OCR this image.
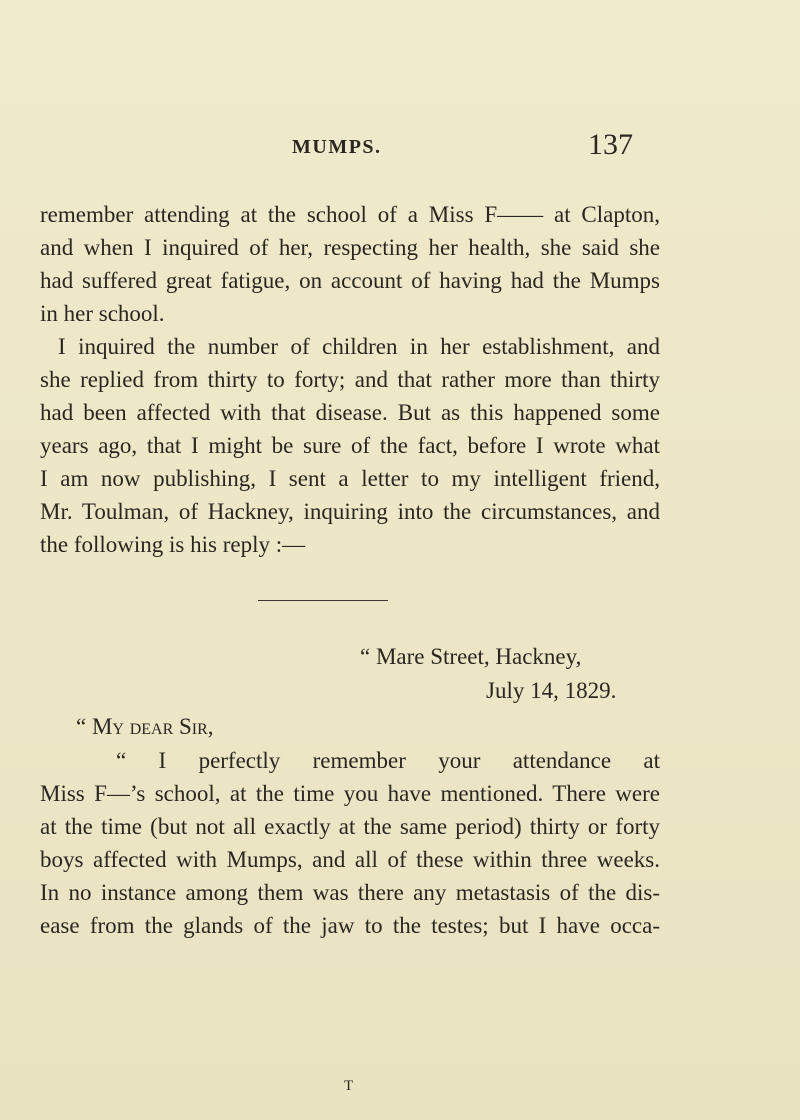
MUMPS.	137
remember attending at the school of a Miss F—— at Clapton,
and when I inquired of her, respecting her health, she said she
had suffered great fatigue, on account of having had the Mumps
in her school.
I inquired the number of children in her establishment, and
she replied from thirty to forty; and that rather more than thirty
had been affected with that disease. But as this happened some
years ago, that I might be sure of the fact, before I wrote what
I am now publishing, I sent a letter to my intelligent friend,
Mr. Toulman, of Hackney, inquiring into the circumstances, and
the following is his reply :—
“ Mare Street, Hackney,
July 14, 1829.
“ My dear Sir,
“ I perfectly remember your attendance at
Miss F—’s school, at the time you have mentioned. There were
at the time (but not all exactly at the same period) thirty or forty
boys affected with Mumps, and all of these within three weeks.
In no instance among them was there any metastasis of the dis-
ease from the glands of the jaw to the testes; but I have occa-
T
